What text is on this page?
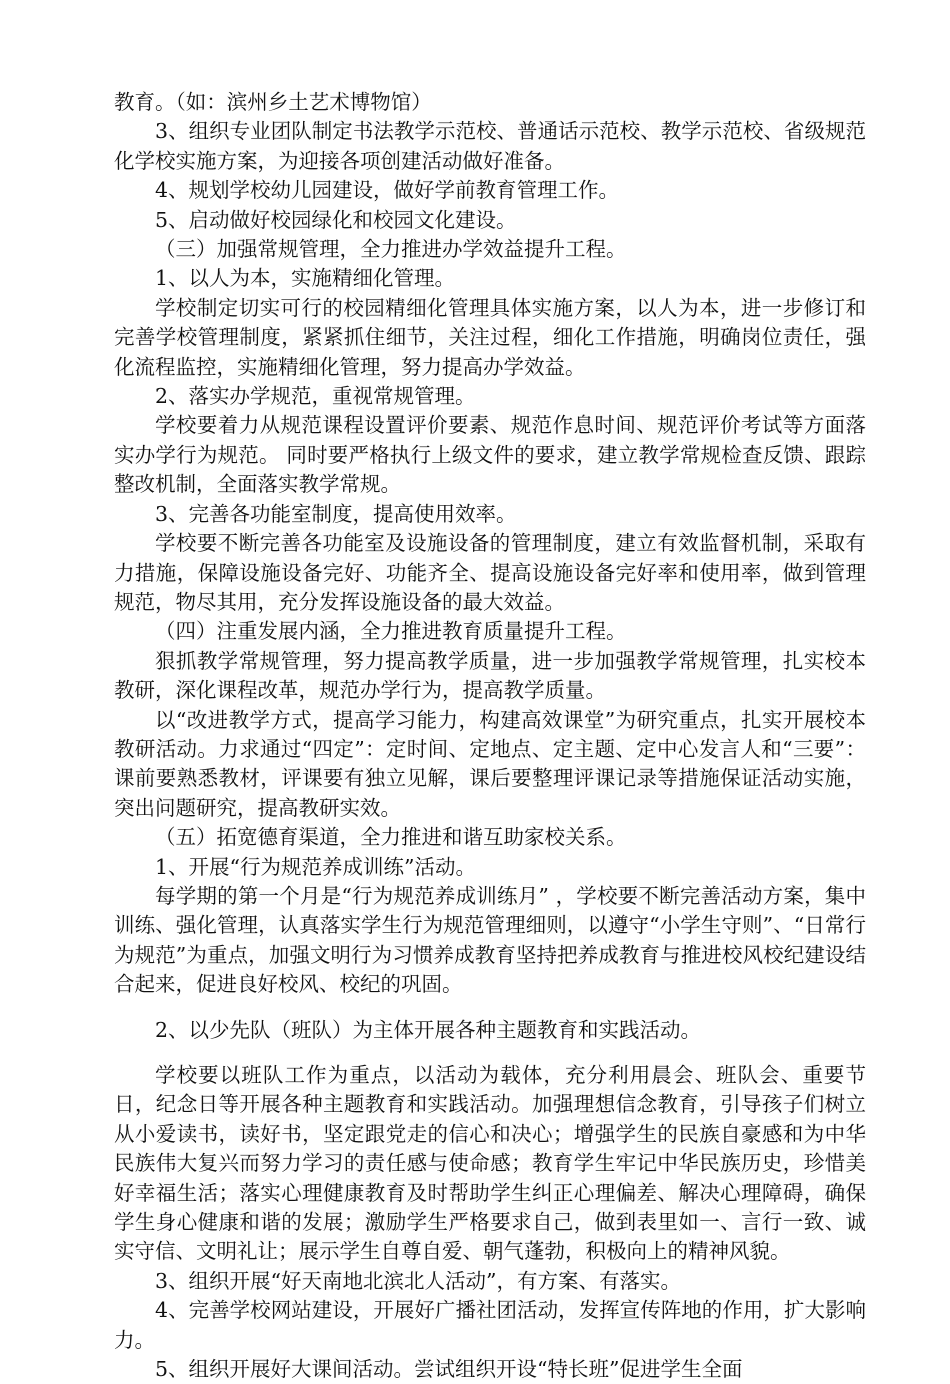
教育。（如：滨州乡土艺术博物馆）

3、组织专业团队制定书法教学示范校、普通话示范校、教学示范校、省级规范化学校实施方案，为迎接各项创建活动做好准备。

4、规划学校幼儿园建设，做好学前教育管理工作。

5、启动做好校园绿化和校园文化建设。

（三）加强常规管理，全力推进办学效益提升工程。

1、以人为本，实施精细化管理。

学校制定切实可行的校园精细化管理具体实施方案，以人为本，进一步修订和完善学校管理制度，紧紧抓住细节，关注过程，细化工作措施，明确岗位责任，强化流程监控，实施精细化管理，努力提高办学效益。

2、落实办学规范，重视常规管理。

学校要着力从规范课程设置评价要素、规范作息时间、规范评价考试等方面落实办学行为规范。 同时要严格执行上级文件的要求，建立教学常规检查反馈、跟踪整改机制，全面落实教学常规。

3、完善各功能室制度，提高使用效率。

学校要不断完善各功能室及设施设备的管理制度，建立有效监督机制，采取有力措施，保障设施设备完好、功能齐全、提高设施设备完好率和使用率，做到管理规范，物尽其用，充分发挥设施设备的最大效益。

（四）注重发展内涵，全力推进教育质量提升工程。

狠抓教学常规管理，努力提高教学质量，进一步加强教学常规管理，扎实校本教研，深化课程改革，规范办学行为，提高教学质量。

以“改进教学方式，提高学习能力，构建高效课堂”为研究重点，扎实开展校本教研活动。力求通过“四定”：定时间、定地点、定主题、定中心发言人和“三要”：课前要熟悉教材，评课要有独立见解，课后要整理评课记录等措施保证活动实施，突出问题研究，提高教研实效。

（五）拓宽德育渠道，全力推进和谐互助家校关系。

1、开展“行为规范养成训练”活动。

每学期的第一个月是“行为规范养成训练月” ，学校要不断完善活动方案，集中训练、强化管理，认真落实学生行为规范管理细则，以遵守“小学生守则”、“日常行为规范”为重点，加强文明行为习惯养成教育坚持把养成教育与推进校风校纪建设结合起来，促进良好校风、校纪的巩固。

2、以少先队（班队）为主体开展各种主题教育和实践活动。

学校要以班队工作为重点，以活动为载体，充分利用晨会、班队会、重要节日，纪念日等开展各种主题教育和实践活动。加强理想信念教育，引导孩子们树立从小爱读书，读好书，坚定跟党走的信心和决心；增强学生的民族自豪感和为中华民族伟大复兴而努力学习的责任感与使命感；教育学生牢记中华民族历史，珍惜美好幸福生活；落实心理健康教育及时帮助学生纠正心理偏差、解决心理障碍，确保学生身心健康和谐的发展；激励学生严格要求自己，做到表里如一、言行一致、诚实守信、文明礼让；展示学生自尊自爱、朝气蓬勃，积极向上的精神风貌。

3、组织开展“好天南地北滨北人活动”，有方案、有落实。

4、完善学校网站建设，开展好广播社团活动，发挥宣传阵地的作用，扩大影响力。

5、组织开展好大课间活动。尝试组织开设“特长班”促进学生全面
